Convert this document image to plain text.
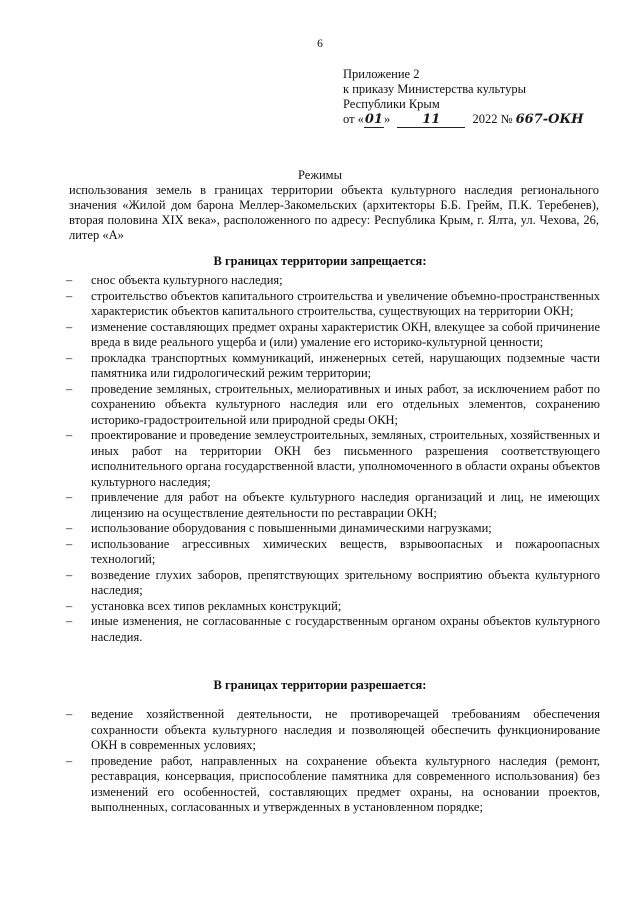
6
Приложение 2
к приказу Министерства культуры
Республики Крым
от «01» 11	2022 № 667-ОКН
Режимы
использования земель в границах территории объекта культурного наследия регионального значения «Жилой дом барона Меллер-Закомельских (архитекторы Б.Б. Грейм, П.К. Теребенев), вторая половина XIX века», расположенного по адресу: Республика Крым, г. Ялта, ул. Чехова, 26, литер «А»
В границах территории запрещается:
– снос объекта культурного наследия;
– строительство объектов капитального строительства и увеличение объемно-пространственных характеристик объектов капитального строительства, существующих на территории ОКН;
– изменение составляющих предмет охраны характеристик ОКН, влекущее за собой причинение вреда в виде реального ущерба и (или) умаление его историко-культурной ценности;
– прокладка транспортных коммуникаций, инженерных сетей, нарушающих подземные части памятника или гидрологический режим территории;
– проведение земляных, строительных, мелиоративных и иных работ, за исключением работ по сохранению объекта культурного наследия или его отдельных элементов, сохранению историко-градостроительной или природной среды ОКН;
– проектирование и проведение землеустроительных, земляных, строительных, хозяйственных и иных работ на территории ОКН без письменного разрешения соответствующего исполнительного органа государственной власти, уполномоченного в области охраны объектов культурного наследия;
– привлечение для работ на объекте культурного наследия организаций и лиц, не имеющих лицензию на осуществление деятельности по реставрации ОКН;
– использование оборудования с повышенными динамическими нагрузками;
– использование агрессивных химических веществ, взрывоопасных и пожароопасных технологий;
– возведение глухих заборов, препятствующих зрительному восприятию объекта культурного наследия;
– установка всех типов рекламных конструкций;
– иные изменения, не согласованные с государственным органом охраны объектов культурного наследия.
В границах территории разрешается:
– ведение хозяйственной деятельности, не противоречащей требованиям обеспечения сохранности объекта культурного наследия и позволяющей обеспечить функционирование ОКН в современных условиях;
– проведение работ, направленных на сохранение объекта культурного наследия (ремонт, реставрация, консервация, приспособление памятника для современного использования) без изменений его особенностей, составляющих предмет охраны, на основании проектов, выполненных, согласованных и утвержденных в установленном порядке;
